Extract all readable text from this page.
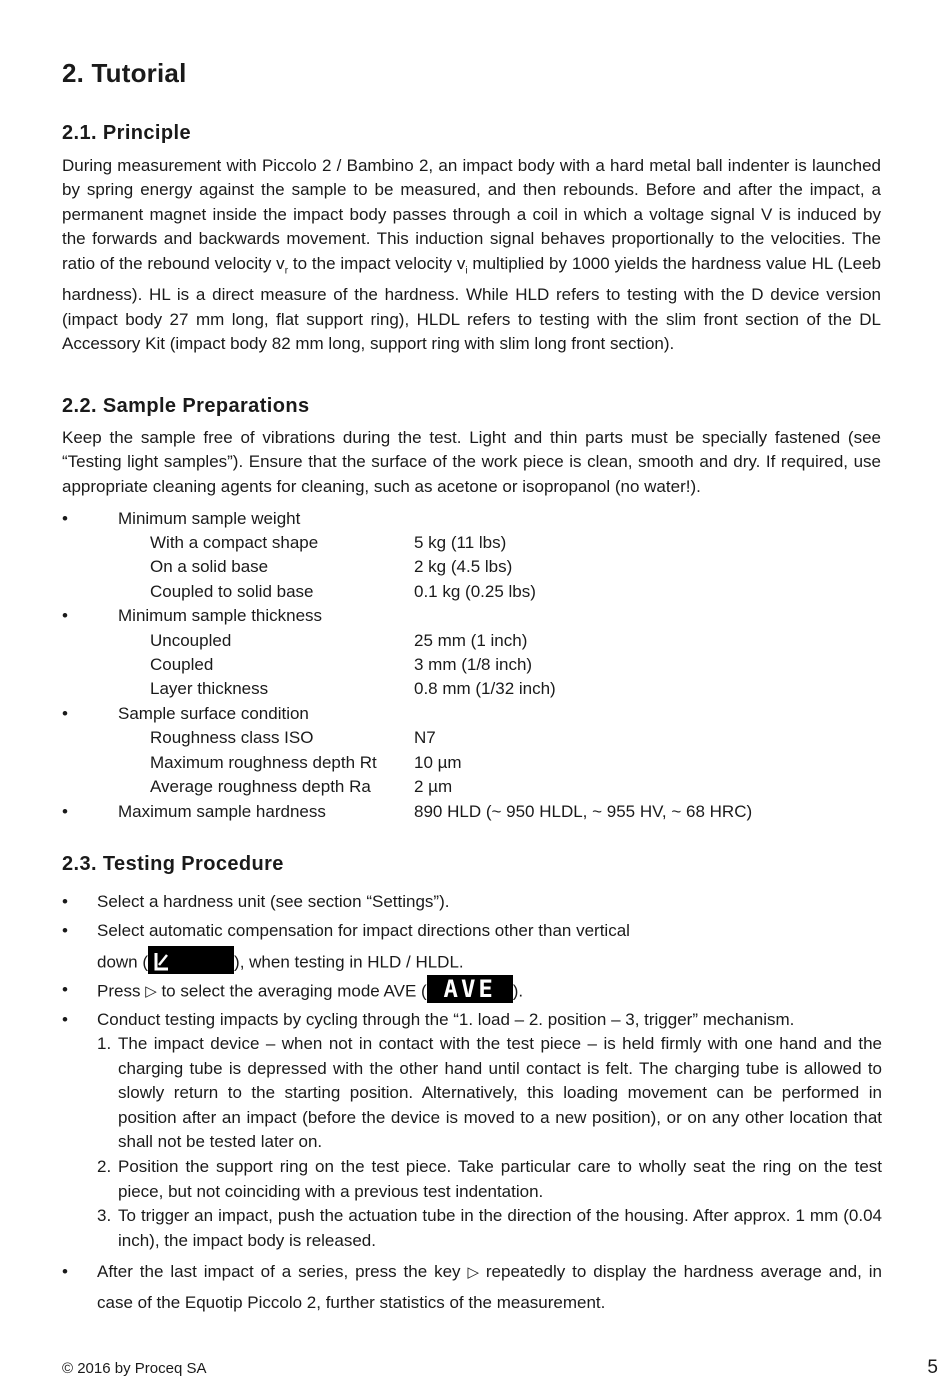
2. Tutorial
2.1. Principle

During measurement with Piccolo 2 / Bambino 2, an impact body with a hard metal ball indenter is launched by spring energy against the sample to be measured, and then rebounds. Before and after the impact, a permanent magnet inside the impact body passes through a coil in which a voltage signal V is induced by the forwards and backwards movement. This induction signal behaves proportionally to the velocities. The ratio of the rebound velocity $v_r$ to the impact velocity $v_i$ multiplied by 1000 yields the hardness value HL (Leeb hardness). HL is a direct measure of the hardness. While HLD refers to testing with the D device version (impact body 27 mm long, flat support ring), HLDL refers to testing with the slim front section of the DL Accessory Kit (impact body 82 mm long, support ring with slim long front section).

2.2. Sample Preparations

Keep the sample free of vibrations during the test. Light and thin parts must be specially fastened (see “Testing light samples”). Ensure that the surface of the work piece is clean, smooth and dry. If required, use appropriate cleaning agents for cleaning, such as acetone or isopropanol (no water!).

•	Minimum sample weight
With a compact shape	5 kg (11 lbs)
On a solid base	2 kg (4.5 lbs)
Coupled to solid base	0.1 kg (0.25 lbs)
•	Minimum sample thickness
Uncoupled	25 mm (1 inch)
Coupled	3 mm (1/8 inch)
Layer thickness	0.8 mm (1/32 inch)
•	Sample surface condition
Roughness class ISO	N7
Maximum roughness depth Rt 10 µm
Average roughness depth Ra	2 µm
•	Maximum sample hardness	890 HLD (~ 950 HLDL, ~ 955 HV, ~ 68 HRC)
2.3. Testing Procedure
• Select a hardness unit (see section “Settings”).
• Select automatic compensation for impact directions other than vertical
down (	), when testing in HLD / HLDL.
• Press ▷ to select the averaging mode AVE ( AVE ).
• Conduct testing impacts by cycling through the “1. load – 2. position – 3, trigger” mechanism.
1. The impact device – when not in contact with the test piece – is held firmly with one hand and the charging tube is depressed with the other hand until contact is felt. The charging tube is allowed to slowly return to the starting position. Alternatively, this loading movement can be performed in position after an impact (before the device is moved to a new position), or on any other location that shall not be tested later on.
2. Position the support ring on the test piece. Take particular care to wholly seat the ring on the test piece, but not coinciding with a previous test indentation.
3. To trigger an impact, push the actuation tube in the direction of the housing. After approx. 1 mm (0.04 inch), the impact body is released.
• After the last impact of a series, press the key ▷ repeatedly to display the hardness average and, in case of the Equotip Piccolo 2, further statistics of the measurement.
© 2016 by Proceq SA	5
